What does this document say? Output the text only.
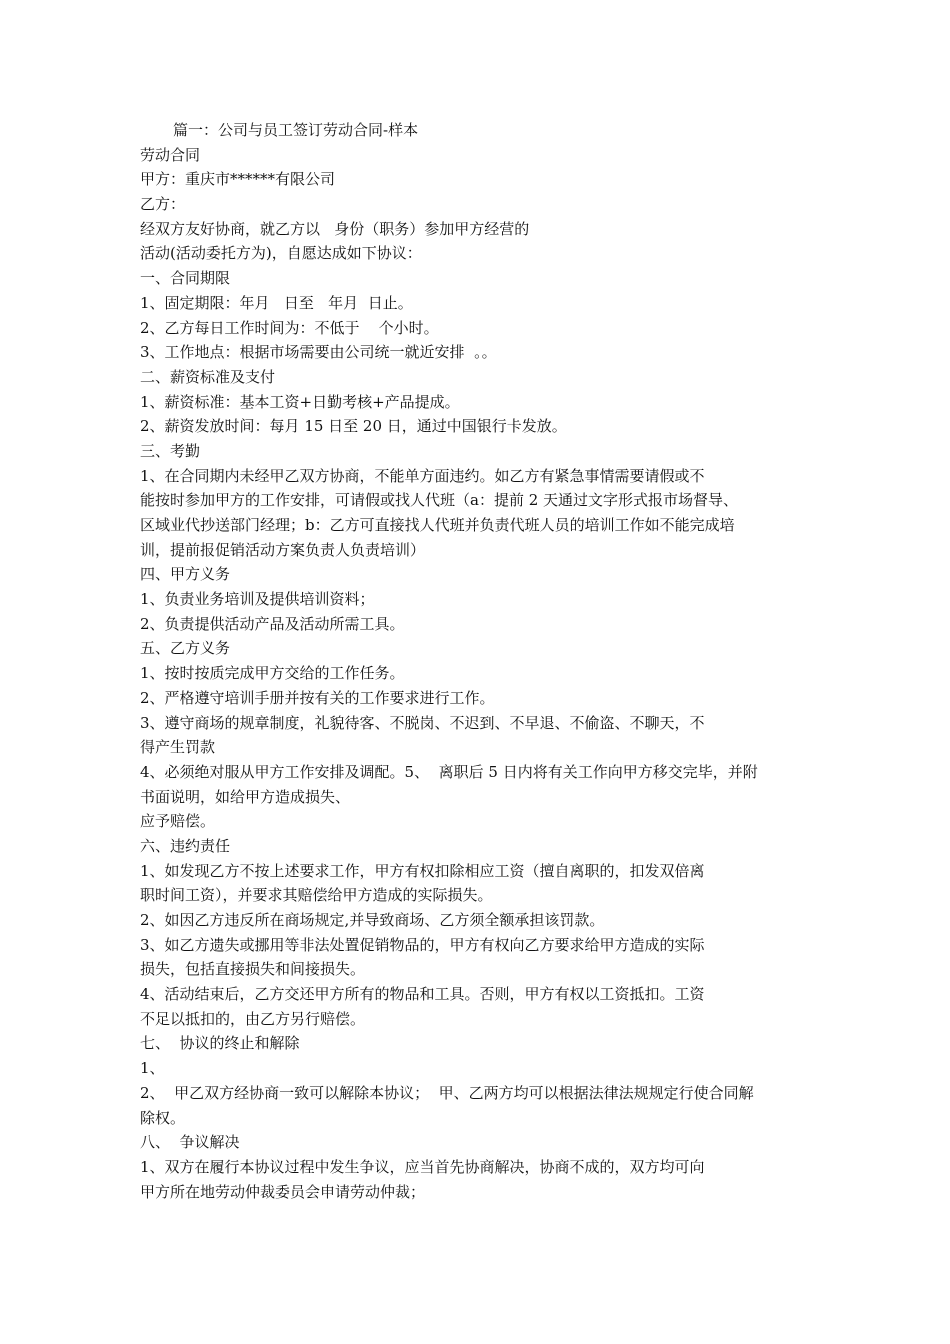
篇一：公司与员工签订劳动合同-样本
劳动合同
甲方：重庆市******有限公司
乙方：
经双方友好协商，就乙方以   身份（职务）参加甲方经营的
活动(活动委托方为)，自愿达成如下协议：
一、合同期限
1、固定期限：年月   日至   年月  日止。
2、乙方每日工作时间为：不低于    个小时。
3、工作地点：根据市场需要由公司统一就近安排  。。
二、薪资标准及支付
1、薪资标准：基本工资+日勤考核+产品提成。
2、薪资发放时间：每月 15 日至 20 日，通过中国银行卡发放。
三、考勤
1、在合同期内未经甲乙双方协商，不能单方面违约。如乙方有紧急事情需要请假或不
能按时参加甲方的工作安排，可请假或找人代班（a：提前 2 天通过文字形式报市场督导、
区域业代抄送部门经理；b：乙方可直接找人代班并负责代班人员的培训工作如不能完成培
训，提前报促销活动方案负责人负责培训）
四、甲方义务
1、负责业务培训及提供培训资料；
2、负责提供活动产品及活动所需工具。
五、乙方义务
1、按时按质完成甲方交给的工作任务。
2、严格遵守培训手册并按有关的工作要求进行工作。
3、遵守商场的规章制度，礼貌待客、不脱岗、不迟到、不早退、不偷盗、不聊天，不
得产生罚款
4、必须绝对服从甲方工作安排及调配。5、  离职后 5 日内将有关工作向甲方移交完毕，并附
书面说明，如给甲方造成损失、
应予赔偿。
六、违约责任
1、如发现乙方不按上述要求工作，甲方有权扣除相应工资（擅自离职的，扣发双倍离
职时间工资），并要求其赔偿给甲方造成的实际损失。
2、如因乙方违反所在商场规定,并导致商场、乙方须全额承担该罚款。
3、如乙方遗失或挪用等非法处置促销物品的，甲方有权向乙方要求给甲方造成的实际
损失，包括直接损失和间接损失。
4、活动结束后，乙方交还甲方所有的物品和工具。否则，甲方有权以工资抵扣。工资
不足以抵扣的，由乙方另行赔偿。
七、  协议的终止和解除
1、
2、  甲乙双方经协商一致可以解除本协议；  甲、乙两方均可以根据法律法规规定行使合同解
除权。
八、  争议解决
1、双方在履行本协议过程中发生争议，应当首先协商解决，协商不成的，双方均可向
甲方所在地劳动仲裁委员会申请劳动仲裁；
